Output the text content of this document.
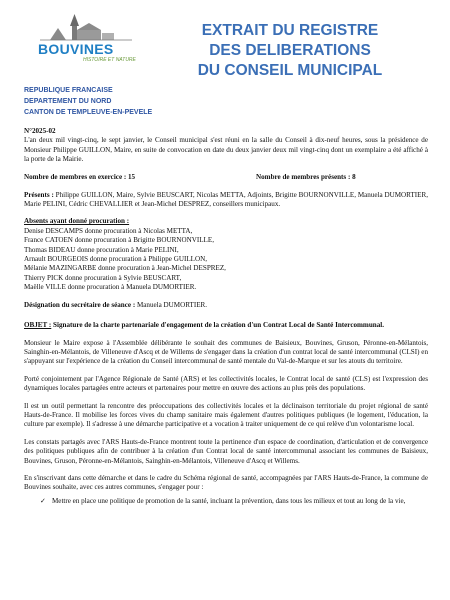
BOUVINES
HISTOIRE ET NATURE
EXTRAIT DU REGISTRE
DES DELIBERATIONS
DU CONSEIL MUNICIPAL
REPUBLIQUE FRANCAISE
DEPARTEMENT DU NORD
CANTON DE TEMPLEUVE-EN-PEVELE

N°2025-02

L'an deux mil vingt-cinq, le sept janvier, le Conseil municipal s'est réuni en la salle du Conseil à dix-neuf heures, sous la présidence de Monsieur Philippe GUILLON, Maire, en suite de convocation en date du deux janvier deux mil vingt-cinq dont un exemplaire a été affiché à la porte de la Mairie.

Nombre de membres en exercice : 15	Nombre de membres présents : 8

Présents : Philippe GUILLON, Maire, Sylvie BEUSCART, Nicolas METTA, Adjoints, Brigitte BOURNONVILLE, Manuela DUMORTIER, Marie PELINI, Cédric CHEVALLIER et Jean-Michel DESPREZ, conseillers municipaux.

Absents ayant donné procuration :

Denise DESCAMPS donne procuration à Nicolas METTA,

France CATOEN donne procuration à Brigitte BOURNONVILLE,

Thomas BIDEAU donne procuration à Marie PELINI,

Arnault BOURGEOIS donne procuration à Philippe GUILLON,

Mélanie MAZINGARBE donne procuration à Jean-Michel DESPREZ,

Thierry PICK donne procuration à Sylvie BEUSCART,

Maëlle VILLE donne procuration à Manuela DUMORTIER.

Désignation du secrétaire de séance : Manuela DUMORTIER.

OBJET : Signature de la charte partenariale d'engagement de la création d'un Contrat Local de Santé Intercommunal.

Monsieur le Maire expose à l'Assemblée délibérante le souhait des communes de Baisieux, Bouvines, Gruson, Péronne-en-Mélantois, Sainghin-en-Mélantois, de Villeneuve d'Ascq et de Willems de s'engager dans la création d'un contrat local de santé intercommunal (CLSI) en s'appuyant sur l'expérience de la création du Conseil intercommunal de santé mentale du Val-de-Marque et sur les atouts du territoire.

Porté conjointement par l'Agence Régionale de Santé (ARS) et les collectivités locales, le Contrat local de santé (CLS) est l'expression des dynamiques locales partagées entre acteurs et partenaires pour mettre en œuvre des actions au plus près des populations.

Il est un outil permettant la rencontre des préoccupations des collectivités locales et la déclinaison territoriale du projet régional de santé Hauts-de-France. Il mobilise les forces vives du champ sanitaire mais également d'autres politiques publiques (le logement, l'éducation, la culture par exemple). Il s'adresse à une démarche participative et a vocation à traiter uniquement de ce qui relève d'un volontarisme local.

Les constats partagés avec l'ARS Hauts-de-France montrent toute la pertinence d'un espace de coordination, d'articulation et de convergence des politiques publiques afin de contribuer à la création d'un Contrat local de santé intercommunal associant les communes de Baisieux, Bouvines, Gruson, Péronne-en-Mélantois, Sainghin-en-Mélantois, Villeneuve d'Ascq et Willems.

En s'inscrivant dans cette démarche et dans le cadre du Schéma régional de santé, accompagnées par l'ARS Hauts-de-France, la commune de Bouvines souhaite, avec ces autres communes, s'engager pour :

✓ Mettre en place une politique de promotion de la santé, incluant la prévention, dans tous les milieux et tout au long de la vie,
